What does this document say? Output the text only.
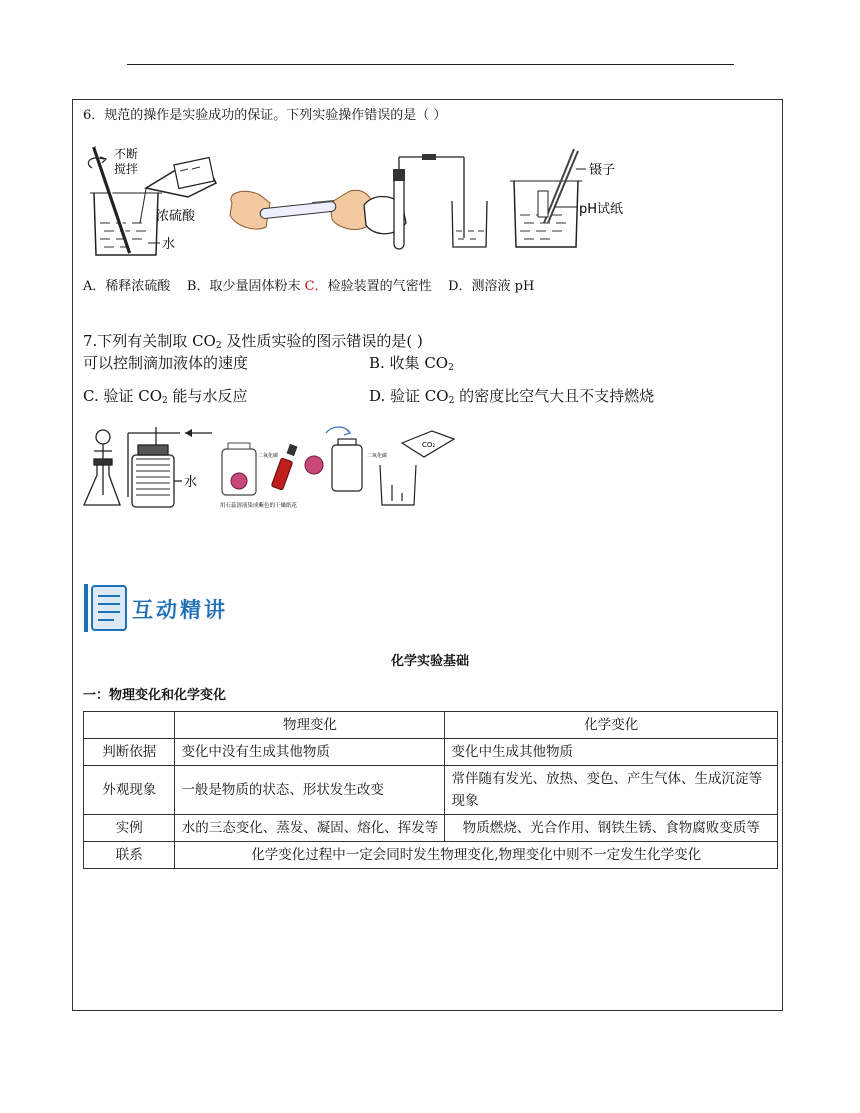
6．规范的操作是实验成功的保证。下列实验操作错误的是（ ）
不断
搅拌
浓硫酸
水
镊子
pH试纸
A．稀释浓硫酸 B．取少量固体粉末 C．检验装置的气密性 D．测溶液 pH
7.下列有关制取 $CO_2$ 及性质实验的图示错误的是( )
可以控制滴加液体的速度	B. 收集 $CO_2$
C. 验证 $CO_2$ 能与水反应	D. 验证 $CO_2$ 的密度比空气大且不支持燃烧
水
二氧化碳
用石蕊溶液染成紫色的干燥纸花
二氧化碳
CO₂
互动精讲
化学实验基础
一：物理变化和化学变化
	物理变化	化学变化
判断依据	变化中没有生成其他物质	变化中生成其他物质
外观现象	一般是物质的状态、形状发生改变	常伴随有发光、放热、变色、产生气体、生成沉淀等现象
实例	水的三态变化、蒸发、凝固、熔化、挥发等	物质燃烧、光合作用、钢铁生锈、食物腐败变质等
联系	化学变化过程中一定会同时发生物理变化,物理变化中则不一定发生化学变化	
